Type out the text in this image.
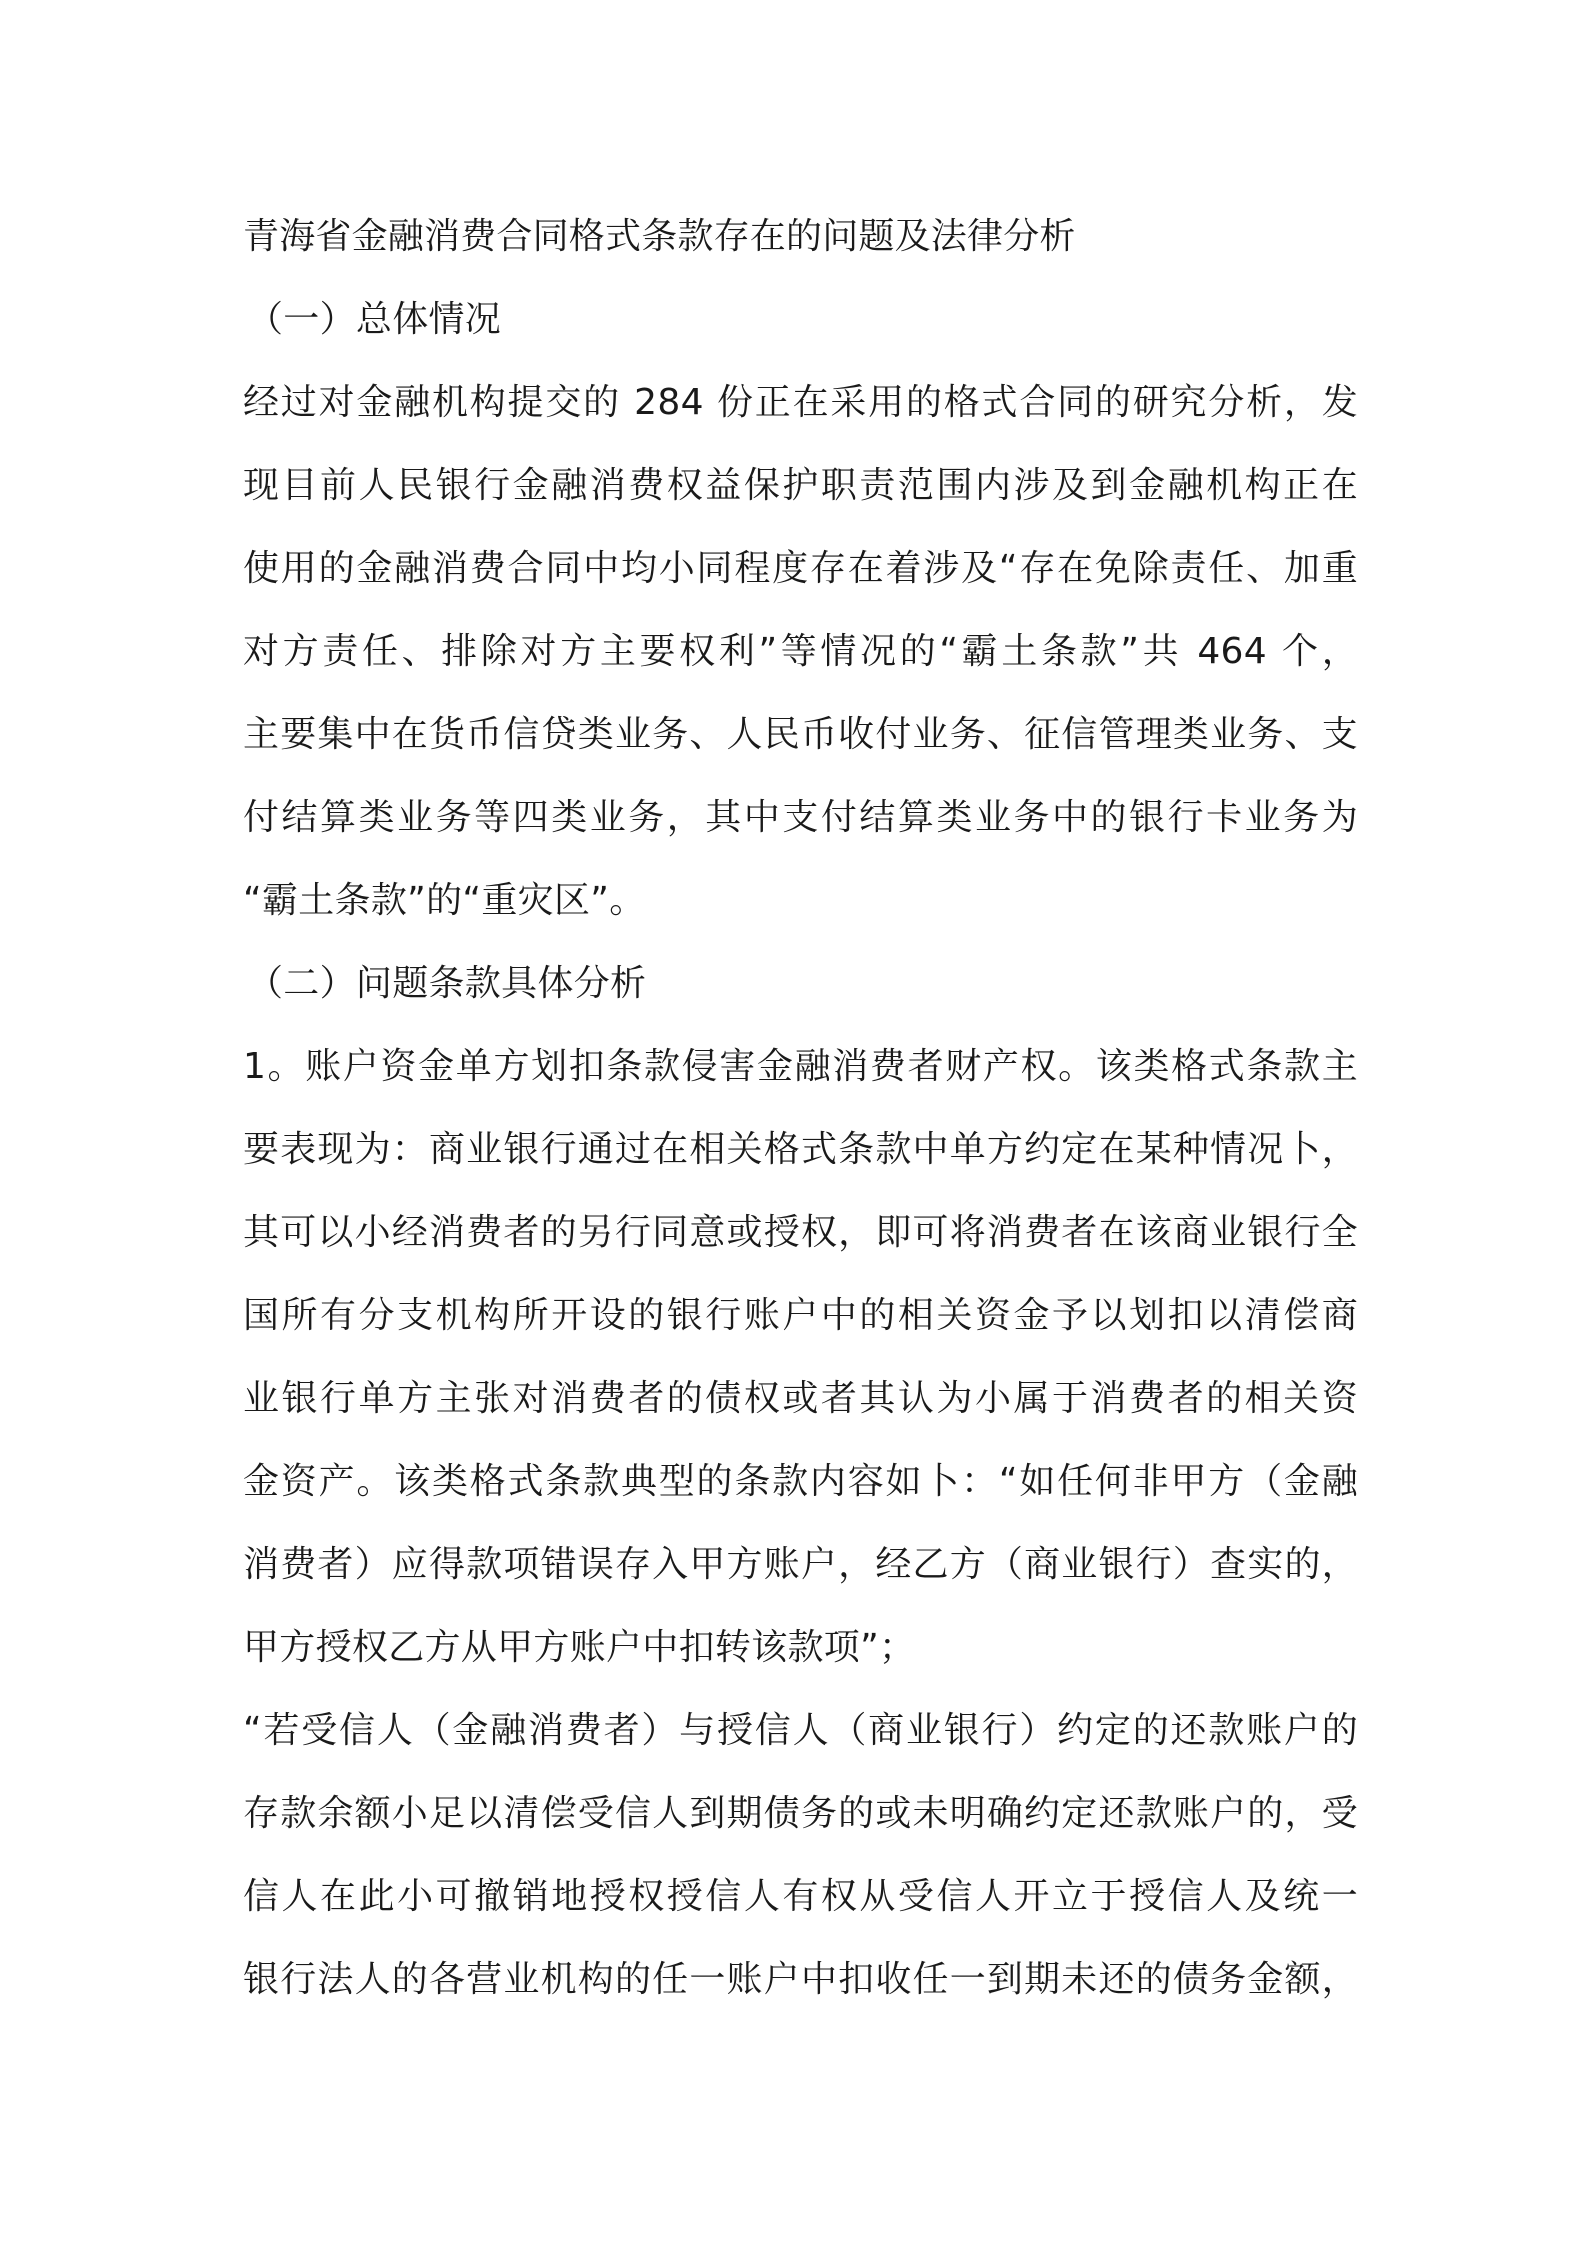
青海省金融消费合同格式条款存在的问题及法律分析
（一）总体情况
经过对金融机构提交的 284 份正在采用的格式合同的研究分析，发
现目前人民银行金融消费权益保护职责范围内涉及到金融机构正在
使用的金融消费合同中均小同程度存在着涉及“存在免除责任、加重
对方责任、排除对方主要权利”等情况的“霸土条款”共 464 个，
主要集中在货币信贷类业务、人民币收付业务、征信管理类业务、支
付结算类业务等四类业务，其中支付结算类业务中的银行卡业务为
“霸土条款”的“重灾区”。
（二）问题条款具体分析
1。账户资金单方划扣条款侵害金融消费者财产权。该类格式条款主
要表现为：商业银行通过在相关格式条款中单方约定在某种情况卜，
其可以小经消费者的另行同意或授权，即可将消费者在该商业银行全
国所有分支机构所开设的银行账户中的相关资金予以划扣以清偿商
业银行单方主张对消费者的债权或者其认为小属于消费者的相关资
金资产。该类格式条款典型的条款内容如卜：“如任何非甲方（金融
消费者）应得款项错误存入甲方账户，经乙方（商业银行）查实的，
甲方授权乙方从甲方账户中扣转该款项”；
“若受信人（金融消费者）与授信人（商业银行）约定的还款账户的
存款余额小足以清偿受信人到期债务的或未明确约定还款账户的，受
信人在此小可撤销地授权授信人有权从受信人开立于授信人及统一
银行法人的各营业机构的任一账户中扣收任一到期未还的债务金额，
